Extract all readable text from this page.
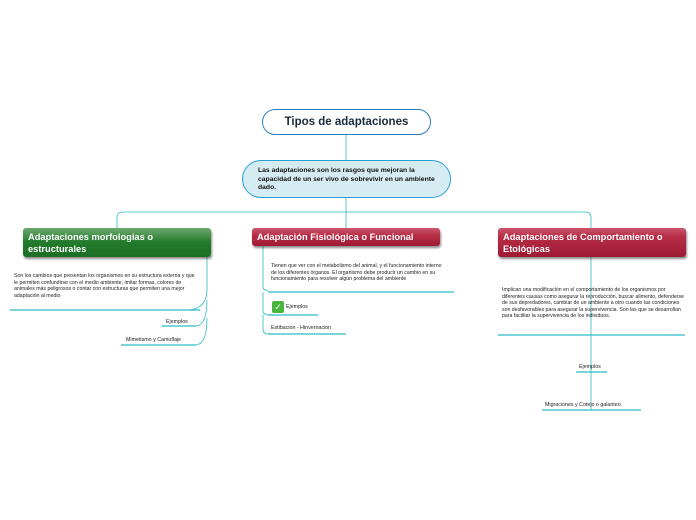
Tipos de adaptaciones
Las adaptaciones son los rasgos que mejoran la capacidad de un ser vivo de sobrevivir en un ambiente dado.
Adaptaciones morfologias o estructurales
Son los cambios que presentan los organismos en su estructura externa y que le permiten confundirse con el medio ambiente, imitar formas, colores de animales más peligrosos o contar con estructuras que permiten una mejor adaptación al medio
Ejemplos
Mimetismo y Camuflaje
Adaptación Fisiológica o Funcional
Tienen que ver con el metabolismo del animal, y el funcionamiento interno de los diferentes órganos. El organismo debe producir un cambio en su funcionamiento para resolver algún problema del ambiente
✓ Ejemplos
Estibacion - Hinvernacion
Adaptaciones de Comportamiento o Etológicas
Implican una modificación en el comportamiento de los organismos por diferentes causas como asegurar la reproducción, buscar alimento, defenderse de sus depredadores, cambiar de un ambiente a otro cuando las condiciones son desfavorables para asegurar la supervivencia. Son las que se desarrollan para facilitar la supervivencia de los individuos.
Ejemplos
Migraciones y Cotejo o galanteo.
